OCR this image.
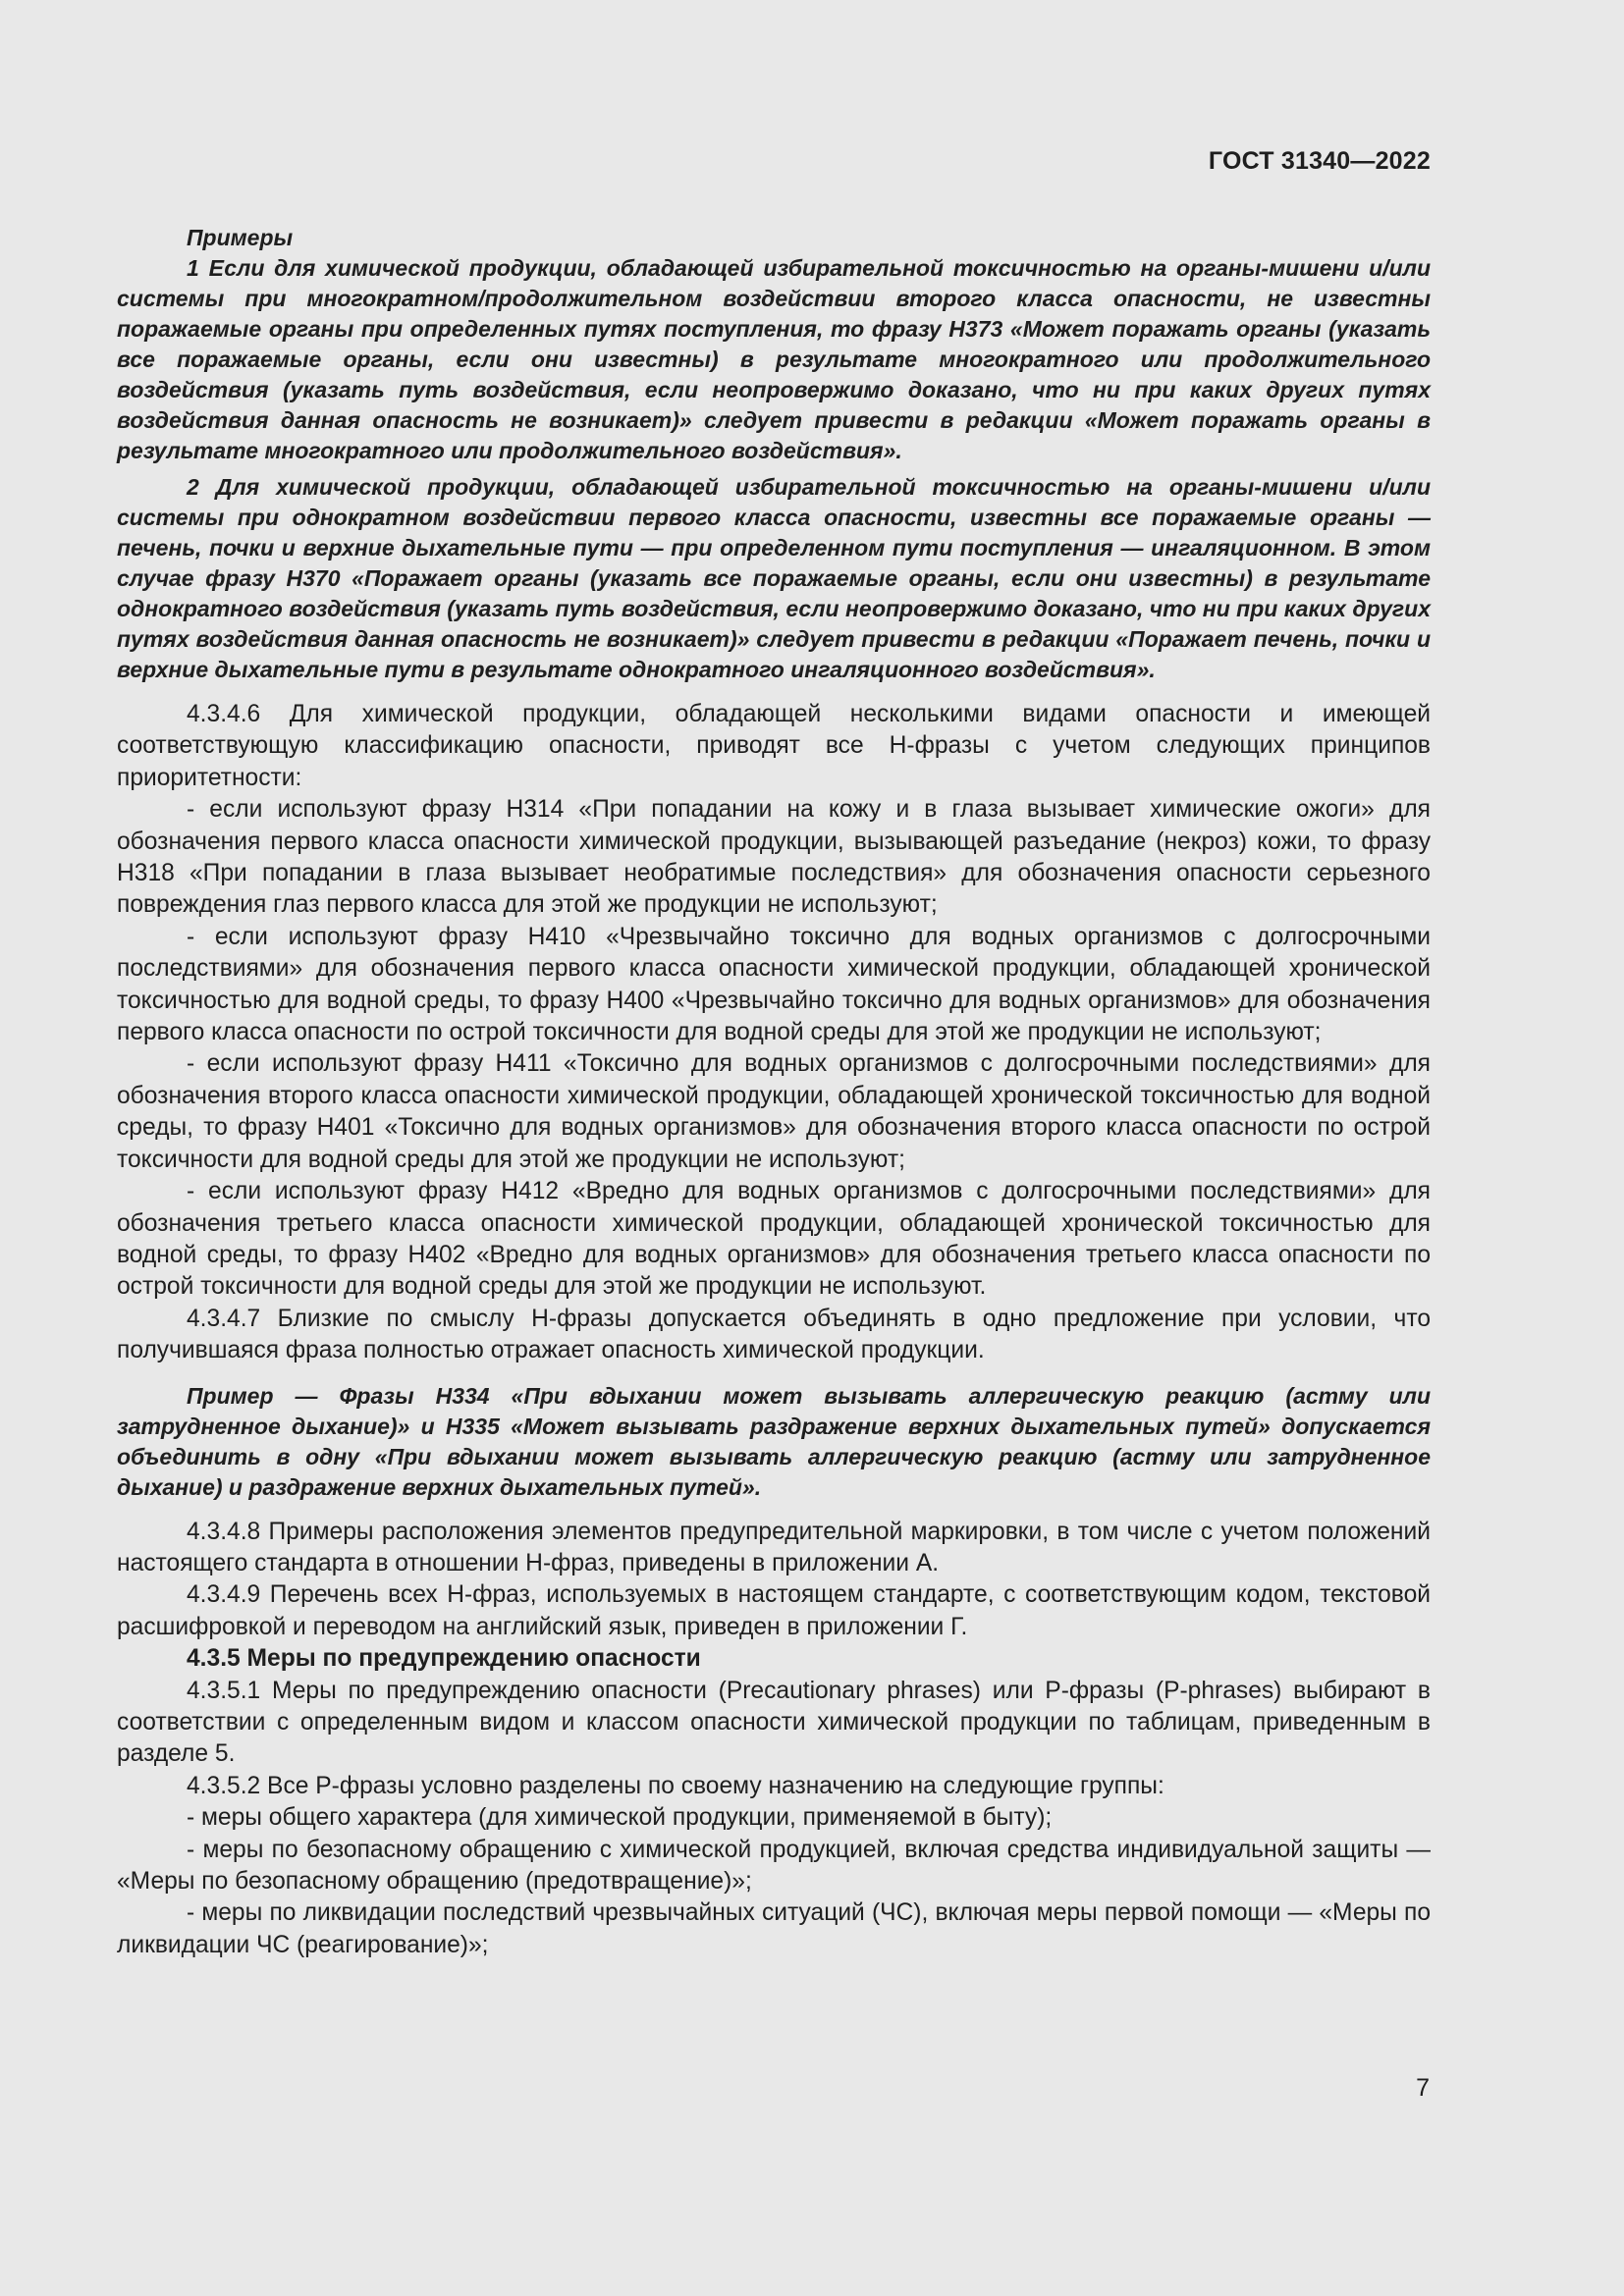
ГОСТ 31340—2022

Примеры

1 Если для химической продукции, обладающей избирательной токсичностью на органы-мишени и/или системы при многократном/продолжительном воздействии второго класса опасности, не известны поражаемые органы при определенных путях поступления, то фразу Н373 «Может поражать органы (указать все поражаемые органы, если они известны) в результате многократного или продолжительного воздействия (указать путь воздействия, если неопровержимо доказано, что ни при каких других путях воздействия данная опасность не возникает)» следует привести в редакции «Может поражать органы в результате многократного или продолжительного воздействия».

2 Для химической продукции, обладающей избирательной токсичностью на органы-мишени и/или системы при однократном воздействии первого класса опасности, известны все поражаемые органы — печень, почки и верхние дыхательные пути — при определенном пути поступления — ингаляционном. В этом случае фразу Н370 «Поражает органы (указать все поражаемые органы, если они известны) в результате однократного воздействия (указать путь воздействия, если неопровержимо доказано, что ни при каких других путях воздействия данная опасность не возникает)» следует привести в редакции «Поражает печень, почки и верхние дыхательные пути в результате однократного ингаляционного воздействия».

4.3.4.6 Для химической продукции, обладающей несколькими видами опасности и имеющей соответствующую классификацию опасности, приводят все Н-фразы с учетом следующих принципов приоритетности:

- если используют фразу Н314 «При попадании на кожу и в глаза вызывает химические ожоги» для обозначения первого класса опасности химической продукции, вызывающей разъедание (некроз) кожи, то фразу Н318 «При попадании в глаза вызывает необратимые последствия» для обозначения опасности серьезного повреждения глаз первого класса для этой же продукции не используют;

- если используют фразу Н410 «Чрезвычайно токсично для водных организмов с долгосрочными последствиями» для обозначения первого класса опасности химической продукции, обладающей хронической токсичностью для водной среды, то фразу Н400 «Чрезвычайно токсично для водных организмов» для обозначения первого класса опасности по острой токсичности для водной среды для этой же продукции не используют;

- если используют фразу Н411 «Токсично для водных организмов с долгосрочными последствиями» для обозначения второго класса опасности химической продукции, обладающей хронической токсичностью для водной среды, то фразу Н401 «Токсично для водных организмов» для обозначения второго класса опасности по острой токсичности для водной среды для этой же продукции не используют;

- если используют фразу Н412 «Вредно для водных организмов с долгосрочными последствиями» для обозначения третьего класса опасности химической продукции, обладающей хронической токсичностью для водной среды, то фразу Н402 «Вредно для водных организмов» для обозначения третьего класса опасности по острой токсичности для водной среды для этой же продукции не используют.

4.3.4.7 Близкие по смыслу Н-фразы допускается объединять в одно предложение при условии, что получившаяся фраза полностью отражает опасность химической продукции.

Пример — Фразы Н334 «При вдыхании может вызывать аллергическую реакцию (астму или затрудненное дыхание)» и Н335 «Может вызывать раздражение верхних дыхательных путей» допускается объединить в одну «При вдыхании может вызывать аллергическую реакцию (астму или затрудненное дыхание) и раздражение верхних дыхательных путей».

4.3.4.8 Примеры расположения элементов предупредительной маркировки, в том числе с учетом положений настоящего стандарта в отношении Н-фраз, приведены в приложении А.

4.3.4.9 Перечень всех Н-фраз, используемых в настоящем стандарте, с соответствующим кодом, текстовой расшифровкой и переводом на английский язык, приведен в приложении Г.

4.3.5 Меры по предупреждению опасности

4.3.5.1 Меры по предупреждению опасности (Precautionary phrases) или Р-фразы (P-phrases) выбирают в соответствии с определенным видом и классом опасности химической продукции по таблицам, приведенным в разделе 5.

4.3.5.2 Все Р-фразы условно разделены по своему назначению на следующие группы:

- меры общего характера (для химической продукции, применяемой в быту);

- меры по безопасному обращению с химической продукцией, включая средства индивидуальной защиты — «Меры по безопасному обращению (предотвращение)»;

- меры по ликвидации последствий чрезвычайных ситуаций (ЧС), включая меры первой помощи — «Меры по ликвидации ЧС (реагирование)»;

7
